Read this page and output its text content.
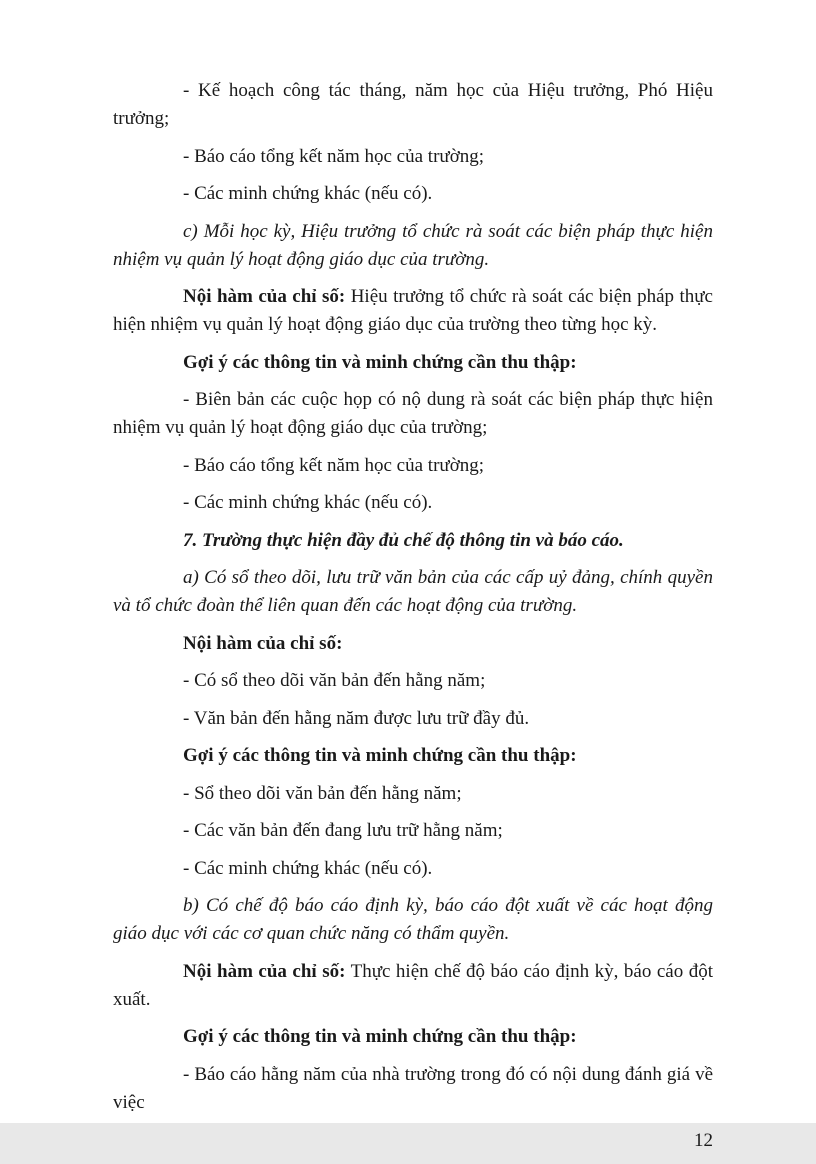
- Kế hoạch công tác tháng, năm học của Hiệu trưởng, Phó Hiệu trưởng;

- Báo cáo tổng kết năm học của trường;

- Các minh chứng khác (nếu có).

c) Mỗi học kỳ, Hiệu trưởng tổ chức rà soát các biện pháp thực hiện nhiệm vụ quản lý hoạt động giáo dục của trường.

Nội hàm của chỉ số: Hiệu trưởng tổ chức rà soát các biện pháp thực hiện nhiệm vụ quản lý hoạt động giáo dục của trường theo từng học kỳ.

Gợi ý các thông tin và minh chứng cần thu thập:

- Biên bản các cuộc họp có nộ dung rà soát các biện pháp thực hiện nhiệm vụ quản lý hoạt động giáo dục của trường;

- Báo cáo tổng kết năm học của trường;

- Các minh chứng khác (nếu có).

7. Trường thực hiện đầy đủ chế độ thông tin và báo cáo.

a) Có sổ theo dõi, lưu trữ văn bản của các cấp uỷ đảng, chính quyền và tổ chức đoàn thể liên quan đến các hoạt động của trường.

Nội hàm của chỉ số:

- Có sổ theo dõi văn bản đến hằng năm;

- Văn bản đến hằng năm được lưu trữ đầy đủ.

Gợi ý các thông tin và minh chứng cần thu thập:

- Sổ theo dõi văn bản đến hằng năm;

- Các văn bản đến đang lưu trữ hằng năm;

- Các minh chứng khác (nếu có).

b) Có chế độ báo cáo định kỳ, báo cáo đột xuất về các hoạt động giáo dục với các cơ quan chức năng có thẩm quyền.

Nội hàm của chỉ số: Thực hiện chế độ báo cáo định kỳ, báo cáo đột xuất.

Gợi ý các thông tin và minh chứng cần thu thập:

- Báo cáo hằng năm của nhà trường trong đó có nội dung đánh giá về việc

12
